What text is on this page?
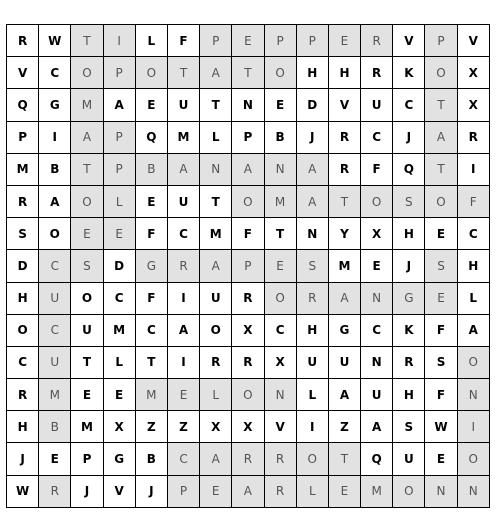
R	W	T	I	L	F	P	E	P	P	E	R	V	P	V
V	C	O	P	O	T	A	T	O	H	H	R	K	O	X
Q	G	M	A	E	U	T	N	E	D	V	U	C	T	X
P	I	A	P	Q	M	L	P	B	J	R	C	J	A	R
M	B	T	P	B	A	N	A	N	A	R	F	Q	T	I
R	A	O	L	E	U	T	O	M	A	T	O	S	O	F
S	O	E	E	F	C	M	F	T	N	Y	X	H	E	C
D	C	S	D	G	R	A	P	E	S	M	E	J	S	H
H	U	O	C	F	I	U	R	O	R	A	N	G	E	L
O	C	U	M	C	A	O	X	C	H	G	C	K	F	A
C	U	T	L	T	I	R	R	X	U	U	N	R	S	O
R	M	E	E	M	E	L	O	N	L	A	U	H	F	N
H	B	M	X	Z	Z	X	X	V	I	Z	A	S	W	I
J	E	P	G	B	C	A	R	R	O	T	Q	U	E	O
W	R	J	V	J	P	E	A	R	L	E	M	O	N	N
